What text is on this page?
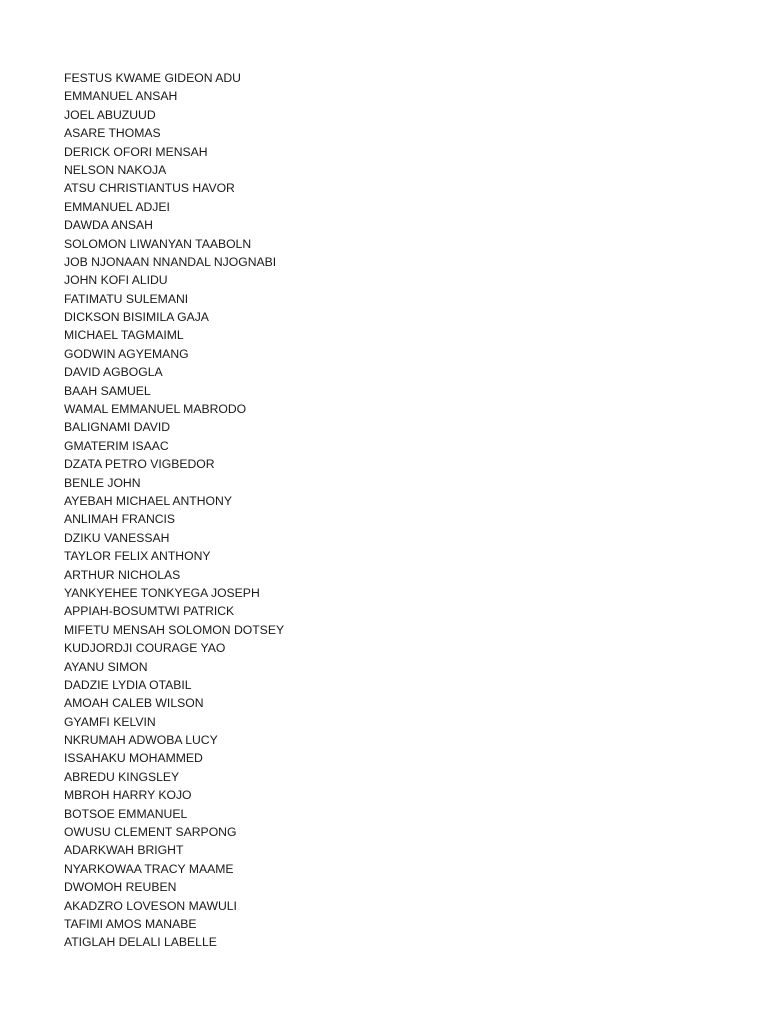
FESTUS KWAME GIDEON ADU
EMMANUEL ANSAH
JOEL ABUZUUD
ASARE THOMAS
DERICK OFORI MENSAH
NELSON NAKOJA
ATSU CHRISTIANTUS HAVOR
EMMANUEL ADJEI
DAWDA ANSAH
SOLOMON LIWANYAN TAABOLN
JOB NJONAAN NNANDAL NJOGNABI
JOHN KOFI ALIDU
FATIMATU SULEMANI
DICKSON BISIMILA GAJA
MICHAEL TAGMAIML
GODWIN AGYEMANG
DAVID AGBOGLA
BAAH SAMUEL
WAMAL EMMANUEL MABRODO
BALIGNAMI DAVID
GMATERIM ISAAC
DZATA PETRO VIGBEDOR
BENLE JOHN
AYEBAH MICHAEL ANTHONY
ANLIMAH FRANCIS
DZIKU VANESSAH
TAYLOR FELIX ANTHONY
ARTHUR NICHOLAS
YANKYEHEE TONKYEGA JOSEPH
APPIAH-BOSUMTWI PATRICK
MIFETU MENSAH SOLOMON DOTSEY
KUDJORDJI COURAGE YAO
AYANU SIMON
DADZIE LYDIA OTABIL
AMOAH CALEB WILSON
GYAMFI KELVIN
NKRUMAH ADWOBA LUCY
ISSAHAKU MOHAMMED
ABREDU KINGSLEY
MBROH HARRY KOJO
BOTSOE EMMANUEL
OWUSU CLEMENT SARPONG
ADARKWAH BRIGHT
NYARKOWAA TRACY MAAME
DWOMOH REUBEN
AKADZRO LOVESON MAWULI
TAFIMI AMOS MANABE
ATIGLAH DELALI LABELLE
